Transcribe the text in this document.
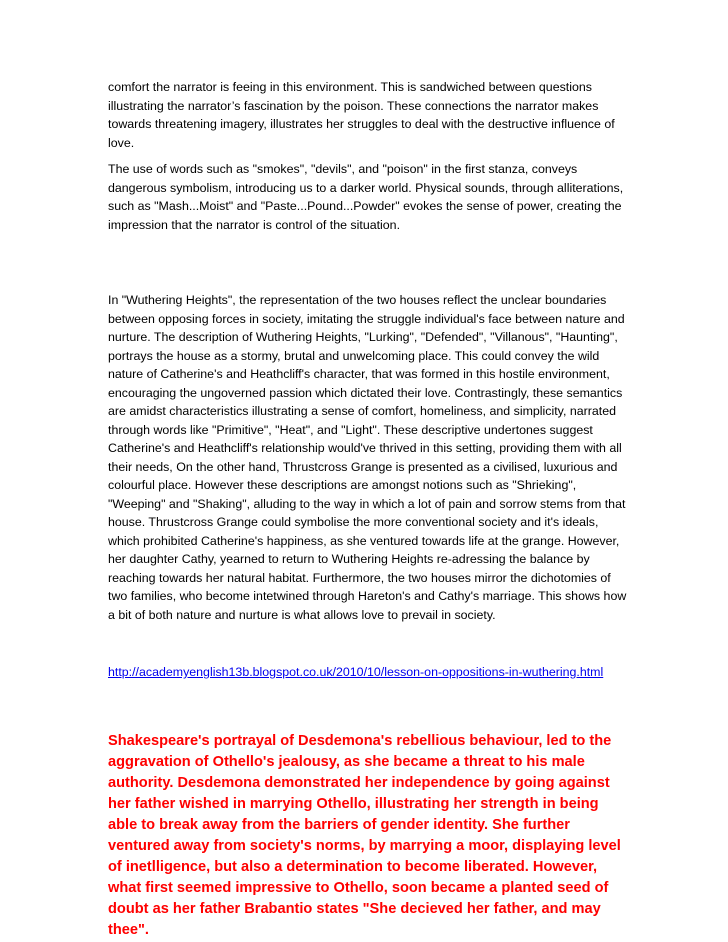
comfort the narrator is feeing in this environment. This is sandwiched between questions illustrating the narrator’s fascination by the poison. These connections the narrator makes towards threatening imagery, illustrates her struggles to deal with the destructive influence of love.

The use of words such as "smokes", "devils", and "poison" in the first stanza, conveys dangerous symbolism, introducing us to a darker world. Physical sounds, through alliterations, such as "Mash...Moist" and "Paste...Pound...Powder" evokes the sense of power, creating the impression that the narrator is control of the situation.

In "Wuthering Heights", the representation of the two houses reflect the unclear boundaries between opposing forces in society, imitating the struggle individual's face between nature and nurture. The description of Wuthering Heights, "Lurking", "Defended", "Villanous", "Haunting", portrays the house as a stormy, brutal and unwelcoming place. This could convey the wild nature of Catherine's and Heathcliff's character, that was formed in this hostile environment, encouraging the ungoverned passion which dictated their love. Contrastingly, these semantics are amidst characteristics illustrating a sense of comfort, homeliness, and simplicity, narrated through words like "Primitive", "Heat", and "Light". These descriptive undertones suggest Catherine's and Heathcliff's relationship would've thrived in this setting, providing them with all their needs, On the other hand, Thrustcross Grange is presented as a civilised, luxurious and colourful place. However these descriptions are amongst notions such as "Shrieking", "Weeping" and "Shaking", alluding to the way in which a lot of pain and sorrow stems from that house. Thrustcross Grange could symbolise the more conventional society and it's ideals, which prohibited Catherine's happiness, as she ventured towards life at the grange. However, her daughter Cathy, yearned to return to Wuthering Heights re-adressing the balance by reaching towards her natural habitat. Furthermore, the two houses mirror the dichotomies of two families, who become intetwined through Hareton's and Cathy's marriage. This shows how a bit of both nature and nurture is what allows love to prevail in society.

http://academyenglish13b.blogspot.co.uk/2010/10/lesson-on-oppositions-in-wuthering.html

Shakespeare's portrayal of Desdemona's rebellious behaviour, led to the aggravation of Othello's jealousy, as she became a threat to his male authority. Desdemona demonstrated her independence by going against her father wished in marrying Othello, illustrating her strength in being able to break away from the barriers of gender identity. She further ventured away from society's norms, by marrying a moor, displaying level of inetlligence, but also a determination to become liberated. However, what first seemed impressive to Othello, soon became a planted seed of doubt as her father Brabantio states "She decieved her father, and may thee".
